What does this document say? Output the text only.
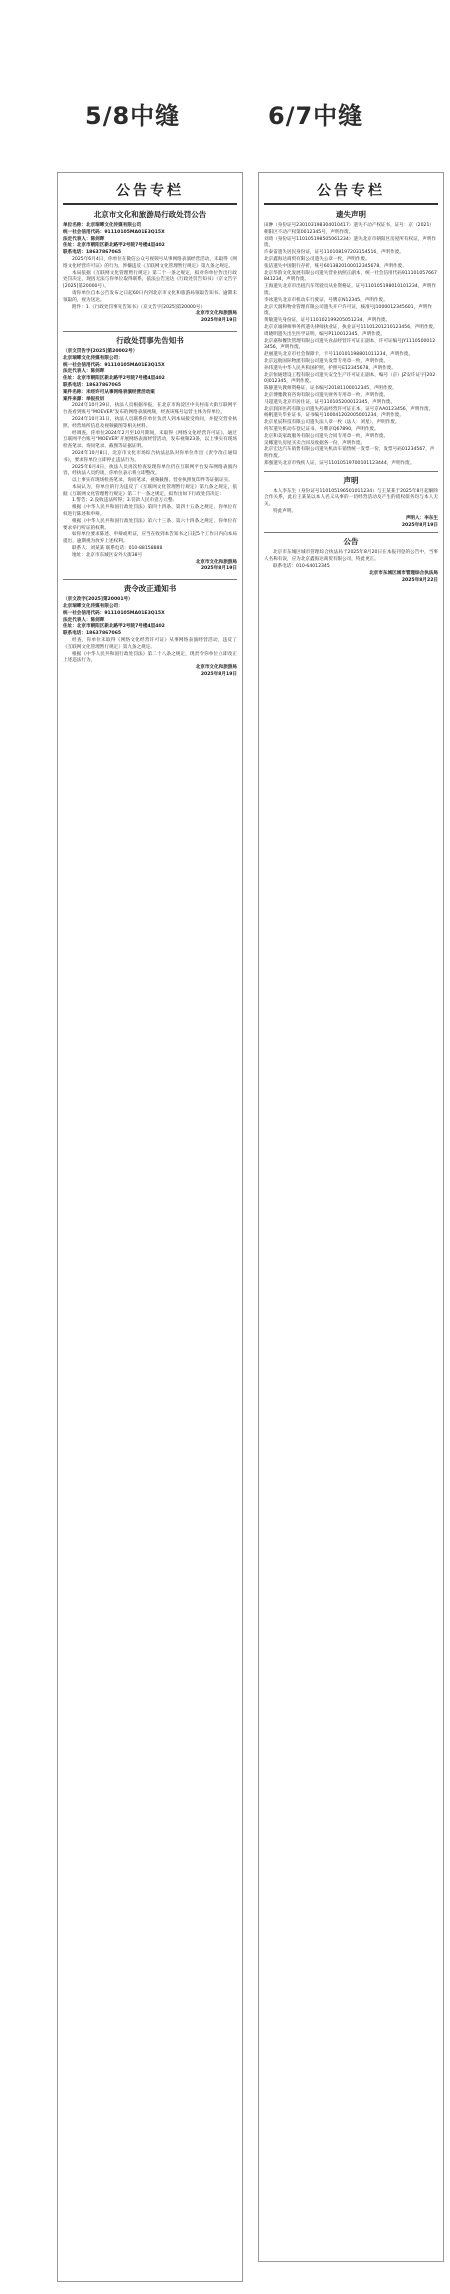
5/8中缝	6/7中缝
公告专栏
北京市文化和旅游局行政处罚公告
单位名称：北京瑞晞文化传媒有限公司
统一社会信用代码：91110105MA01E3Q15X
法定代表人：陈剑晖
住址：北京市朝阳区新北路甲2号院7号楼4层402
联系电话：18637867065

2025年6月4日，你单位在微信公众号视频号从事网络表演经营活动，未取得《网络文化经营许可证》的行为，涉嫌违反《互联网文化管理暂行规定》第九条之规定。

本局依据《互联网文化管理暂行规定》第二十一条之规定，拟对你单位作出行政处罚决定，现因无法与你单位取得联系，依法公告送达《行政处罚告知书》（京文告字[2025]第20000号）。

请你单位自本公告发布之日起60日内到北京市文化和旅游局领取告知书。逾期未领取的，视为送达。

附件：1.《行政处罚事先告知书》（京文告字[2025]第20000号）

北京市文化和旅游局
2025年8月19日
行政处罚事先告知书
（京文罚告字[2025]第20002号）
北京瑞晞文化传媒有限公司：
统一社会信用代码：91110105MA01E3Q15X
法定代表人：陈剑晖
住址：北京市朝阳区新北路甲2号院7号楼4层402
联系电话：18637867065
案件名称：未经许可从事网络表演经营活动案
案件来源：举报投诉

2024年10月29日，执法人员根据举报，在北京市海淀区中关村南大街互联网平台查看到账号“MOEVER”发布的网络表演视频，经查该账号运营主体为你单位。

2024年10月31日，执法人员联系你单位负责人到本局接受询问，并提交营业执照、经营场所信息及视频截图等相关材料。

经调查，你单位2024年2月至10月期间，未取得《网络文化经营许可证》，通过互联网平台账号“MOEVER”开展网络表演经营活动，发布视频23条，以上事实有现场检查笔录、询问笔录、截图等证据证明。

2024年10月8日，北京市文化市场综合执法总队对你单位作出《责令改正通知书》，要求你单位立即停止违法行为。

2025年6月4日，执法人员再次检查发现你单位仍在互联网平台发布网络表演内容，经执法人员约谈，你单位表示将立即整改。

以上事实有现场检查笔录、询问笔录、视频截图、营业执照复印件等证据证实。

本局认为，你单位的行为违反了《互联网文化管理暂行规定》第九条之规定，依据《互联网文化管理暂行规定》第二十一条之规定，拟作出如下行政处罚决定：

1.警告；2.没收违法所得；3.罚款人民币壹万元整。

根据《中华人民共和国行政处罚法》第四十四条、第四十五条之规定，你单位有权进行陈述和申辩。

根据《中华人民共和国行政处罚法》第六十三条、第六十四条之规定，你单位有要求举行听证的权利。

如你单位要求陈述、申辩或听证，应当在收到本告知书之日起5个工作日内向本局提出，逾期视为放弃上述权利。

联系人：刘某某 联系电话：010-88158888

地址：北京市东城区安外大街38号

北京市文化和旅游局
2025年8月19日
责令改正通知书
（京文改字[2025]第20001号）
北京瑞晞文化传媒有限公司：
统一社会信用代码：91110105MA01E3Q15X
法定代表人：陈剑晖
住址：北京市朝阳区新北路甲2号院7号楼4层402
联系电话：18637867065

经查，你单位未取得《网络文化经营许可证》从事网络表演经营活动，违反了《互联网文化管理暂行规定》第九条之规定。

根据《中华人民共和国行政处罚法》第二十八条之规定，现责令你单位立即改正上述违法行为。

北京市文化和旅游局
2025年8月19日
公告专栏
遗失声明

田翀（身份证号230103198304010417）遗失不动产权证书，证号：京（2021）朝阳区不动产权第0012345号，声明作废。

刘琦（身份证号110105198505061234）遗失北京市朝阳区房屋所有权证，声明作废。

许泰雷遗失居民身份证，证号110108197203154516，声明作废。

北京鑫海达商贸有限公司遗失公章一枚，声明作废。

张洁遗失中国银行存折，账号6013820100012345678，声明作废。

北京华韵文化发展有限公司遗失营业执照正副本，统一社会信用代码911101057667841234，声明作废。

王海遗失北京市出租汽车驾驶员从业资格证，证号110105198010101234，声明作废。

李冰遗失北京市机动车行驶证，号牌京N12345，声明作废。

北京天润和物业管理有限公司遗失开户许可证，核准号J1000012345601，声明作废。

黄敏遗失身份证，证号110102199205051234，声明作废。

北京京诚律师事务所遗失律师执业证，执业证号11101201210123456，声明作废。

周晓明遗失出生医学证明，编号P110012345，声明作废。

北京嘉和餐饮管理有限公司遗失食品经营许可证正副本，许可证编号JY11105000123456，声明作废。

赵丽遗失北京市社会保障卡，卡号110101198801011234，声明作废。

北京远航国际物流有限公司遗失发票专用章一枚，声明作废。

孙伟遗失中华人民共和国护照，护照号E12345678，声明作废。

北京恒通建设工程有限公司遗失安全生产许可证正副本，编号（京）JZ安许证字[2020]012345，声明作废。

陈静遗失教师资格证，证书编号20181100012345，声明作废。

北京博雅教育咨询有限公司遗失财务专用章一枚，声明作废。

马超遗失北京市居住证，证号110105200012345，声明作废。

北京润泽医药有限公司遗失药品经营许可证正本，证号京AA0123456，声明作废。

杨帆遗失毕业证书，证书编号100041202005001234，声明作废。

北京星辰科技有限公司遗失法人章一枚（法人：刘星），声明作废。

何军遗失机动车登记证书，号牌京Q67890，声明作废。

北京和美家政服务有限公司遗失合同专用章一枚，声明作废。

吴娜遗失房屋买卖合同及收据各一份，声明作废。

北京宏达汽车销售有限公司遗失机动车销售统一发票一份，发票号码01234567，声明作废。

郑强遗失北京市残疾人证，证号11010519700101123444，声明作废。

声明

本人李东生（身份证号110105196501011234）与王某某于2025年8月起解除合作关系，此后王某某以本人名义从事的一切经营活动及产生的债权债务均与本人无关。

特此声明。

声明人：李东生
2025年8月19日
公告

北京市东城区城市管理综合执法局于2025年8月20日在本报刊登的公告中，当事人名称有误，应为北京鑫海达商贸有限公司，特此更正。

联系电话：010-64012345

北京市东城区城市管理综合执法局
2025年8月22日
